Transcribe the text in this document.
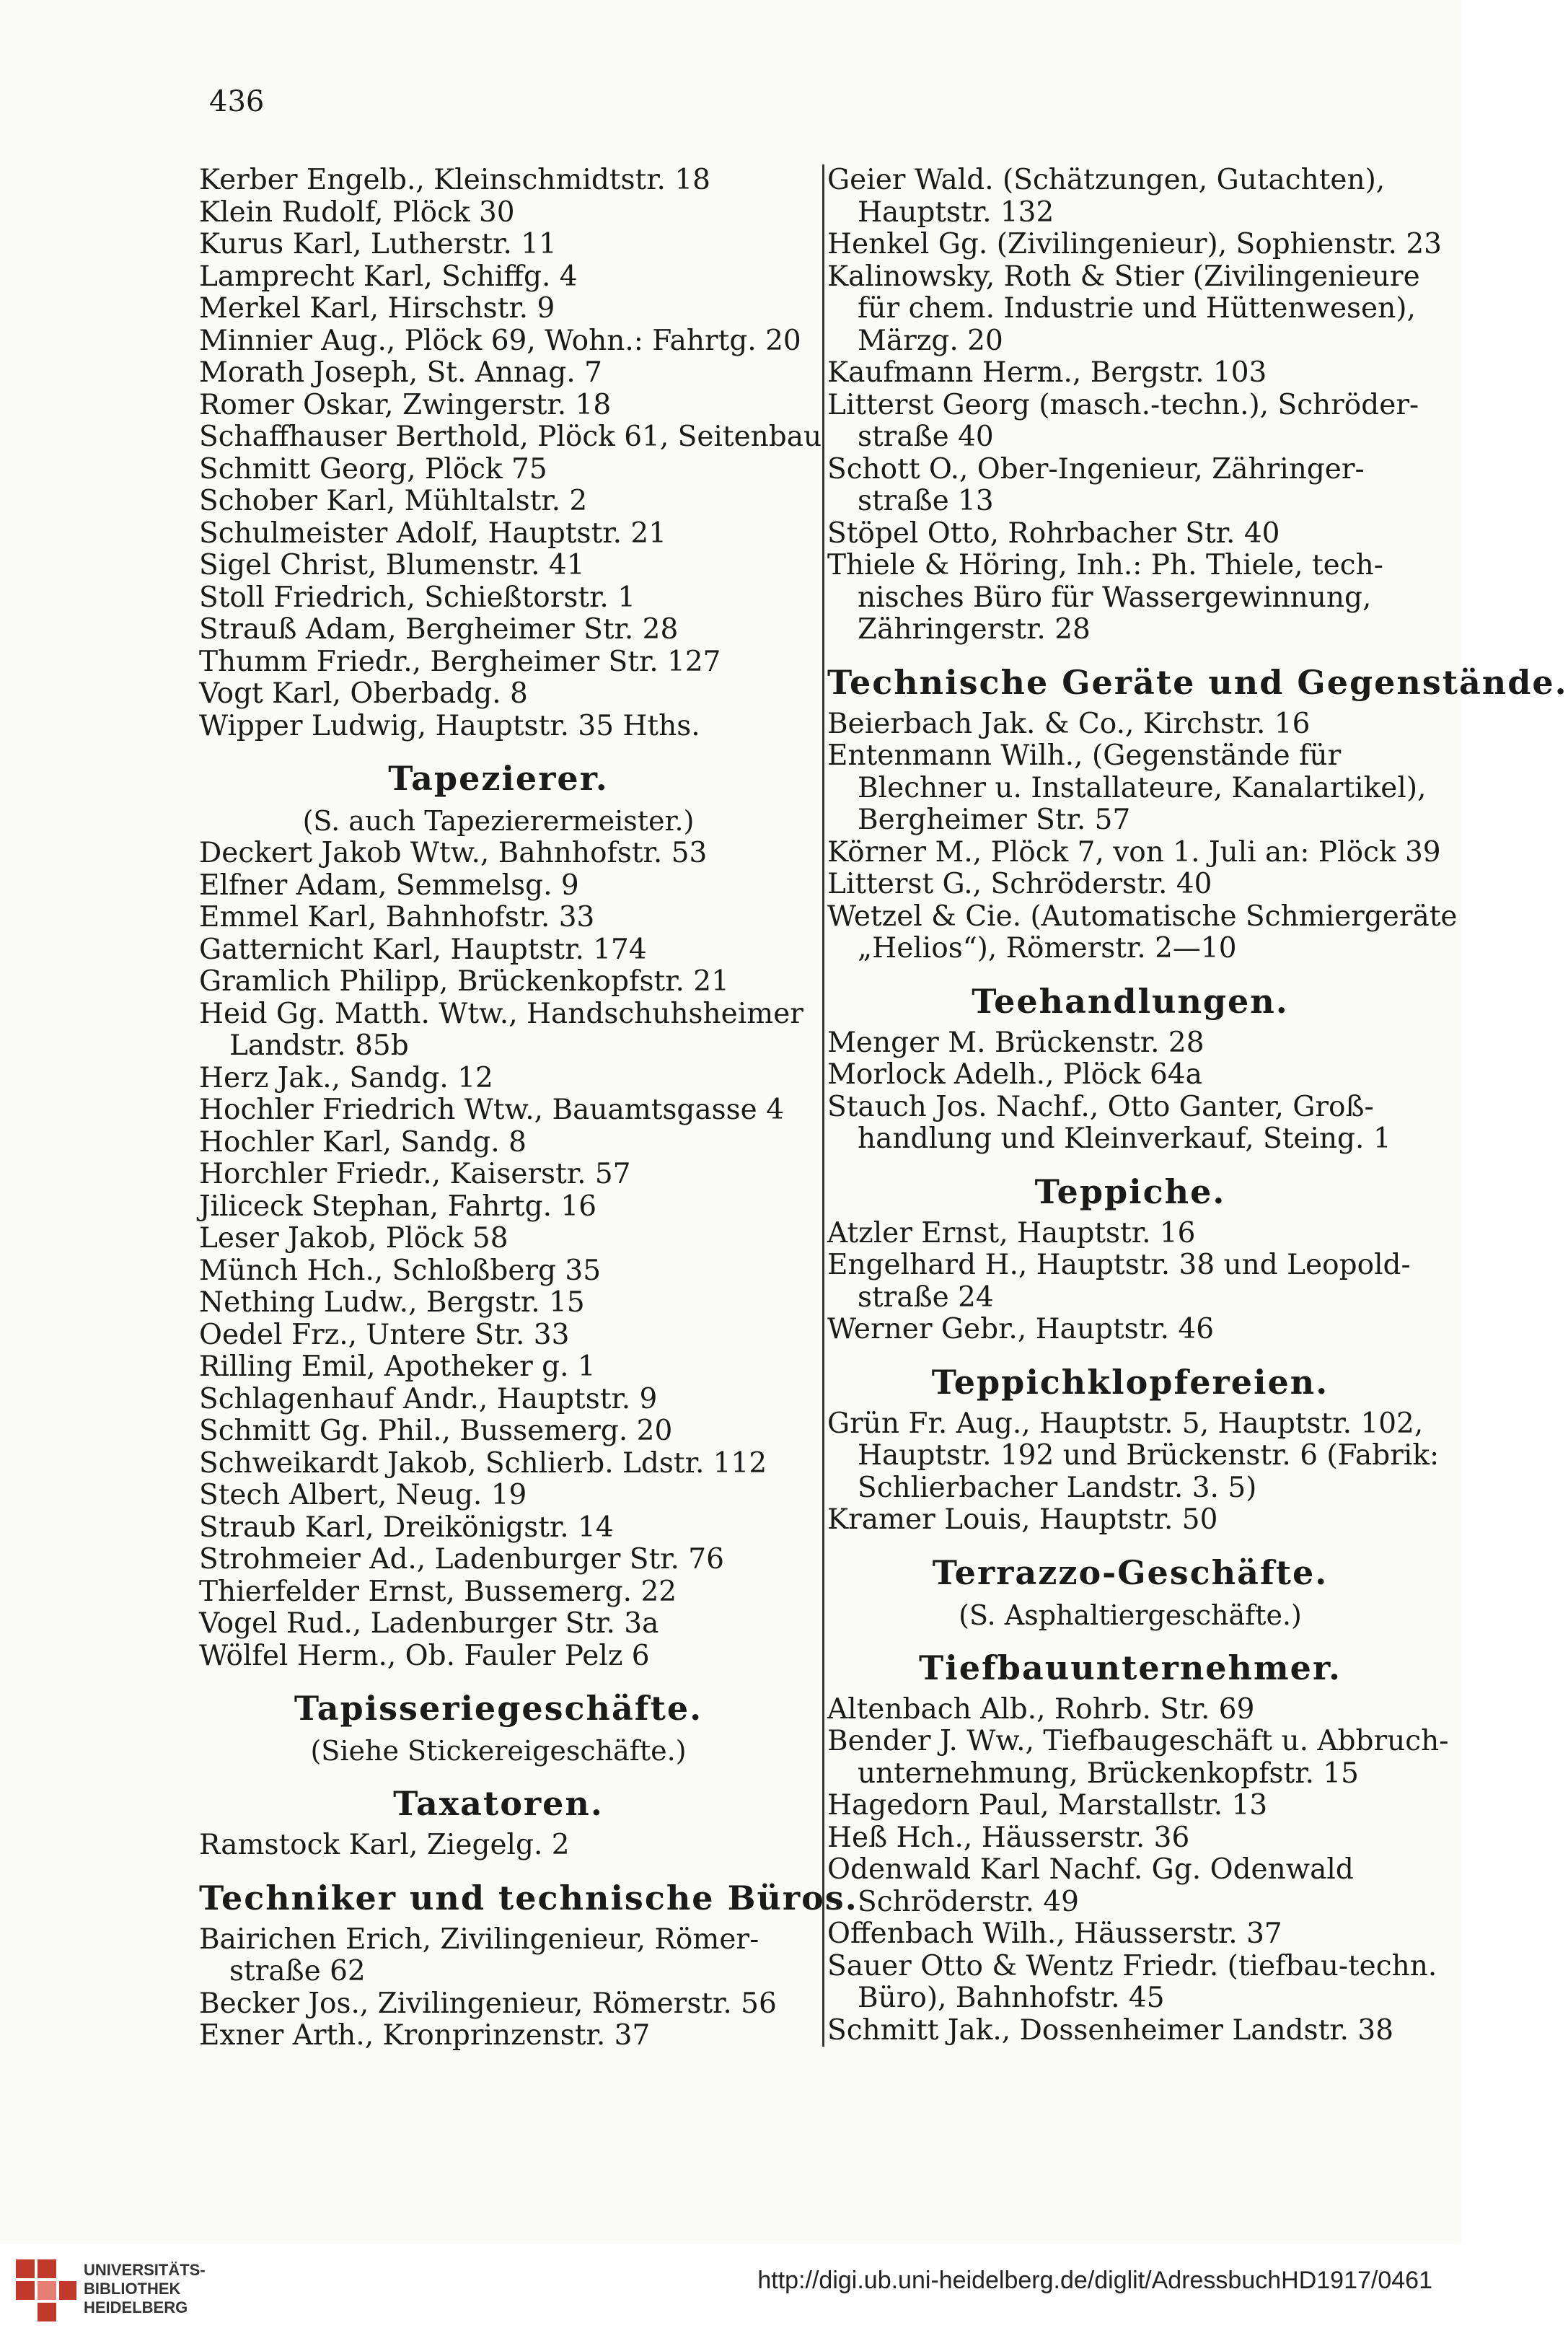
436
Kerber Engelb., Kleinschmidtstr. 18
Klein Rudolf, Plöck 30
Kurus Karl, Lutherstr. 11
Lamprecht Karl, Schiffg. 4
Merkel Karl, Hirschstr. 9
Minnier Aug., Plöck 69, Wohn.: Fahrtg. 20
Morath Joseph, St. Annag. 7
Romer Oskar, Zwingerstr. 18
Schaffhauser Berthold, Plöck 61, Seitenbau
Schmitt Georg, Plöck 75
Schober Karl, Mühltalstr. 2
Schulmeister Adolf, Hauptstr. 21
Sigel Christ, Blumenstr. 41
Stoll Friedrich, Schießtorstr. 1
Strauß Adam, Bergheimer Str. 28
Thumm Friedr., Bergheimer Str. 127
Vogt Karl, Oberbadg. 8
Wipper Ludwig, Hauptstr. 35 Hths.
Tapezierer.
(S. auch Tapezierermeister.)
Deckert Jakob Wtw., Bahnhofstr. 53
Elfner Adam, Semmelsg. 9
Emmel Karl, Bahnhofstr. 33
Gatternicht Karl, Hauptstr. 174
Gramlich Philipp, Brückenkopfstr. 21
Heid Gg. Matth. Wtw., Handschuhsheimer
Landstr. 85b
Herz Jak., Sandg. 12
Hochler Friedrich Wtw., Bauamtsgasse 4
Hochler Karl, Sandg. 8
Horchler Friedr., Kaiserstr. 57
Jiliceck Stephan, Fahrtg. 16
Leser Jakob, Plöck 58
Münch Hch., Schloßberg 35
Nething Ludw., Bergstr. 15
Oedel Frz., Untere Str. 33
Rilling Emil, Apotheker g. 1
Schlagenhauf Andr., Hauptstr. 9
Schmitt Gg. Phil., Bussemerg. 20
Schweikardt Jakob, Schlierb. Ldstr. 112
Stech Albert, Neug. 19
Straub Karl, Dreikönigstr. 14
Strohmeier Ad., Ladenburger Str. 76
Thierfelder Ernst, Bussemerg. 22
Vogel Rud., Ladenburger Str. 3a
Wölfel Herm., Ob. Fauler Pelz 6
Tapisseriegeschäfte.
(Siehe Stickereigeschäfte.)
Taxatoren.
Ramstock Karl, Ziegelg. 2
Techniker und technische Büros.
Bairichen Erich, Zivilingenieur, Römer-
straße 62
Becker Jos., Zivilingenieur, Römerstr. 56
Exner Arth., Kronprinzenstr. 37
Geier Wald. (Schätzungen, Gutachten),
Hauptstr. 132
Henkel Gg. (Zivilingenieur), Sophienstr. 23
Kalinowsky, Roth & Stier (Zivilingenieure
für chem. Industrie und Hüttenwesen),
Märzg. 20
Kaufmann Herm., Bergstr. 103
Litterst Georg (masch.-techn.), Schröder-
straße 40
Schott O., Ober-Ingenieur, Zähringer-
straße 13
Stöpel Otto, Rohrbacher Str. 40
Thiele & Höring, Inh.: Ph. Thiele, tech-
nisches Büro für Wassergewinnung,
Zähringerstr. 28
Technische Geräte und Gegenstände.
Beierbach Jak. & Co., Kirchstr. 16
Entenmann Wilh., (Gegenstände für
Blechner u. Installateure, Kanalartikel),
Bergheimer Str. 57
Körner M., Plöck 7, von 1. Juli an: Plöck 39
Litterst G., Schröderstr. 40
Wetzel & Cie. (Automatische Schmiergeräte
„Helios“), Römerstr. 2—10
Teehandlungen.
Menger M. Brückenstr. 28
Morlock Adelh., Plöck 64a
Stauch Jos. Nachf., Otto Ganter, Groß-
handlung und Kleinverkauf, Steing. 1
Teppiche.
Atzler Ernst, Hauptstr. 16
Engelhard H., Hauptstr. 38 und Leopold-
straße 24
Werner Gebr., Hauptstr. 46
Teppichklopfereien.
Grün Fr. Aug., Hauptstr. 5, Hauptstr. 102,
Hauptstr. 192 und Brückenstr. 6 (Fabrik:
Schlierbacher Landstr. 3. 5)
Kramer Louis, Hauptstr. 50
Terrazzo-Geschäfte.
(S. Asphaltiergeschäfte.)
Tiefbauunternehmer.
Altenbach Alb., Rohrb. Str. 69
Bender J. Ww., Tiefbaugeschäft u. Abbruch-
unternehmung, Brückenkopfstr. 15
Hagedorn Paul, Marstallstr. 13
Heß Hch., Häusserstr. 36
Odenwald Karl Nachf. Gg. Odenwald
Schröderstr. 49
Offenbach Wilh., Häusserstr. 37
Sauer Otto & Wentz Friedr. (tiefbau-techn.
Büro), Bahnhofstr. 45
Schmitt Jak., Dossenheimer Landstr. 38
UNIVERSITÄTS-
BIBLIOTHEK
HEIDELBERG
http://digi.ub.uni-heidelberg.de/diglit/AdressbuchHD1917/0461
